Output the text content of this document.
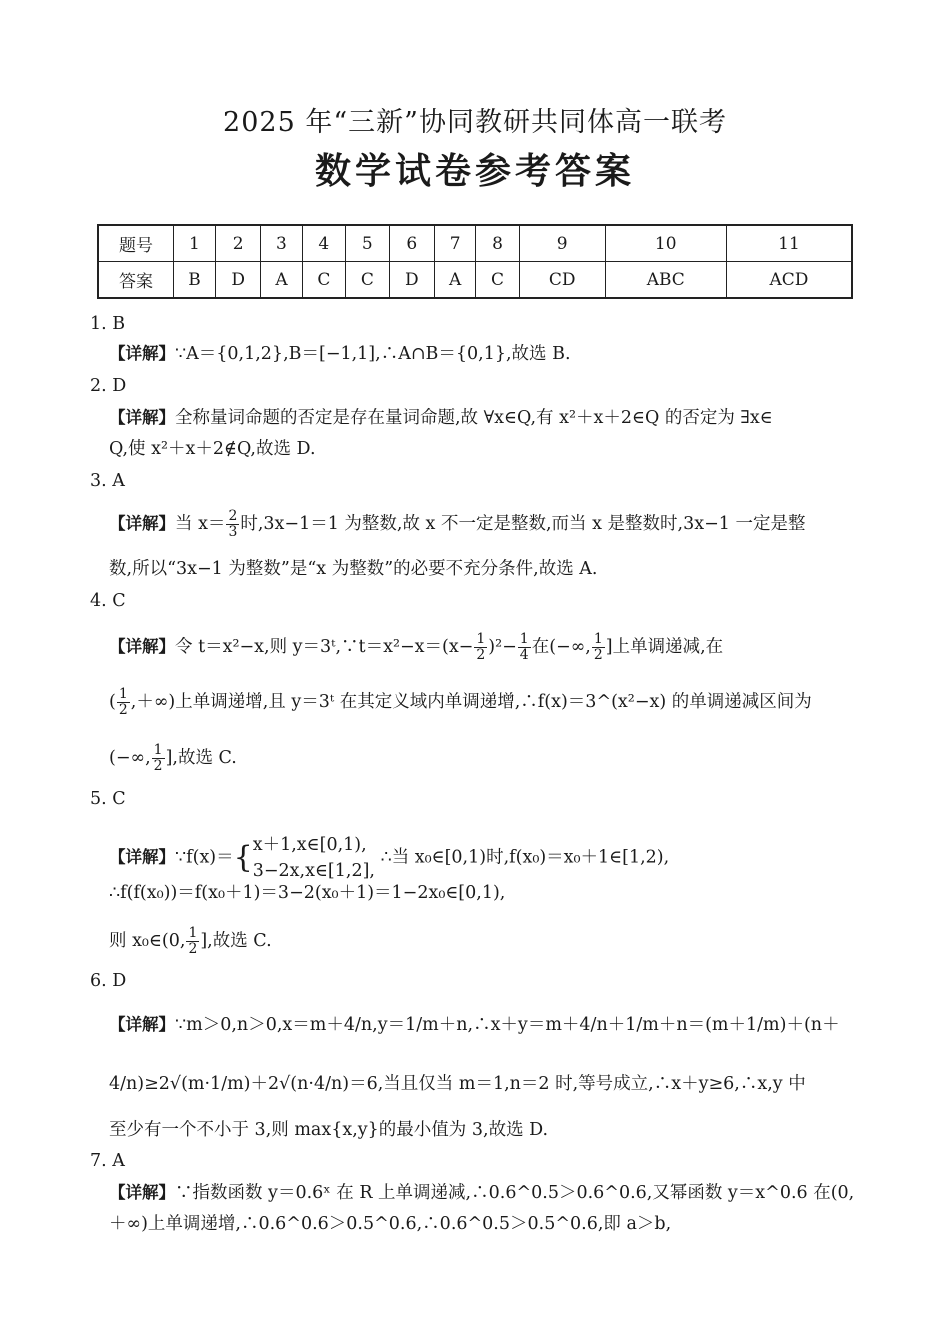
2025 年“三新”协同教研共同体高一联考
数学试卷参考答案
题号	1	2	3	4	5	6	7	8	9	10	11
答案	B	D	A	C	C	D	A	C	CD	ABC	ACD
1. B
【详解】∵A＝{0,1,2},B＝[−1,1],∴A∩B＝{0,1},故选 B.
2. D
【详解】全称量词命题的否定是存在量词命题,故 ∀x∈Q,有 x²＋x＋2∈Q 的否定为 ∃x∈
Q,使 x²＋x＋2∉Q,故选 D.
3. A
【详解】当 $x= \frac{2}{3}$ 时,3x−1＝1 为整数,故 x 不一定是整数,而当 x 是整数时,3x−1 一定是整
数,所以“3x−1 为整数”是“x 为整数”的必要不充分条件,故选 A.
4. C
【详解】令 t＝x²−x,则 y＝3ᵗ,∵t＝x²−x＝(x− $\frac{1}{2} )^2- \frac{1}{4}$ 在(−∞, $\frac{1}{2}$ ]上单调递减,在
( $\frac{1}{2}$ ,＋∞)上单调递增,且 y＝3ᵗ 在其定义域内单调递增,∴f(x)＝3^(x²−x) 的单调递减区间为
(−∞, $\frac{1}{2}$ ],故选 C.
5. C
【详解】∵f(x)＝{ x＋1,x∈[0,1),
3−2x,x∈[1,2],
∴当 x₀∈[0,1)时,f(x₀)＝x₀＋1∈[1,2),
∴f(f(x₀))＝f(x₀＋1)＝3−2(x₀＋1)＝1−2x₀∈[0,1),
则 x₀∈(0, $\frac{1}{2}$ ],故选 C.
6. D
【详解】∵m＞0,n＞0,x＝m＋4/n,y＝1/m＋n,∴x＋y＝m＋4/n＋1/m＋n＝(m＋1/m)＋(n＋
4/n)≥2√(m·1/m)＋2√(n·4/n)＝6,当且仅当 m＝1,n＝2 时,等号成立,∴x＋y≥6,∴x,y 中
至少有一个不小于 3,则 max{x,y}的最小值为 3,故选 D.
7. A
【详解】∵指数函数 y＝0.6ˣ 在 R 上单调递减,∴0.6^0.5＞0.6^0.6,又幂函数 y＝x^0.6 在(0,
＋∞)上单调递增,∴0.6^0.6＞0.5^0.6,∴0.6^0.5＞0.5^0.6,即 a＞b,
